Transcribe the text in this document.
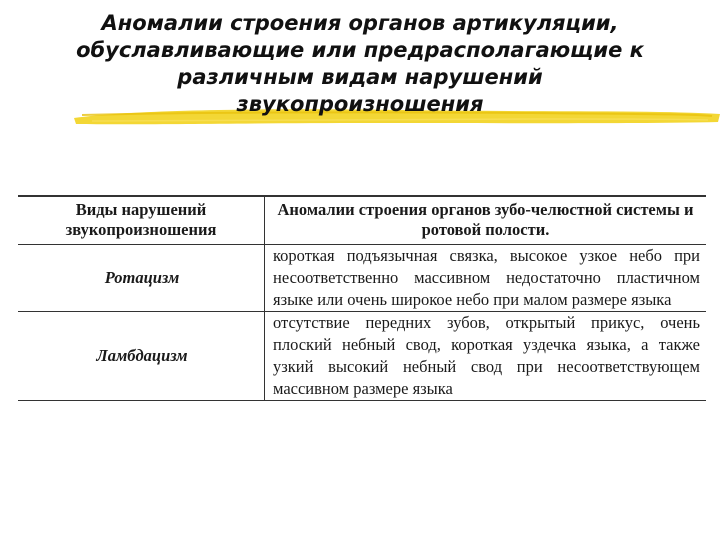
Аномалии строения органов артикуляции,
обуславливающие или предрасполагающие к
различным видам нарушений
звукопроизношения
Виды нарушений звукопроизношения	Аномалии строения органов зубо-челюстной системы и ротовой полости.
Ротацизм	короткая подъязычная связка, высокое узкое небо при несоответственно массивном недостаточно пластичном языке или очень широкое небо при малом размере языка
Ламбдацизм	отсутствие передних зубов, открытый прикус, очень плоский небный свод, короткая уздечка языка, а также узкий высокий небный свод при несоответствующем массивном размере языка
